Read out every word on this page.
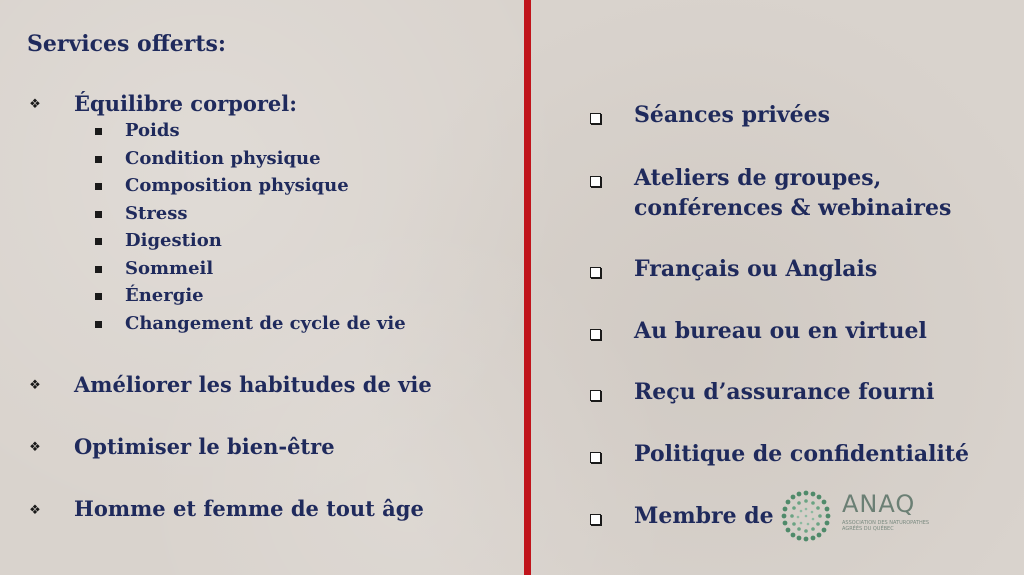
Services offerts:
❖ Équilibre corporel:
Poids
Condition physique
Composition physique
Stress
Digestion
Sommeil
Énergie
Changement de cycle de vie
❖ Améliorer les habitudes de vie
❖ Optimiser le bien-être
❖ Homme et femme de tout âge
Séances privées
Ateliers de groupes,
conférences & webinaires
Français ou Anglais
Au bureau ou en virtuel
Reçu d’assurance fourni
Politique de confidentialité
Membre de	ANAQ
ASSOCIATION DES NATUROPATHES AGRÉÉS DU QUÉBEC
